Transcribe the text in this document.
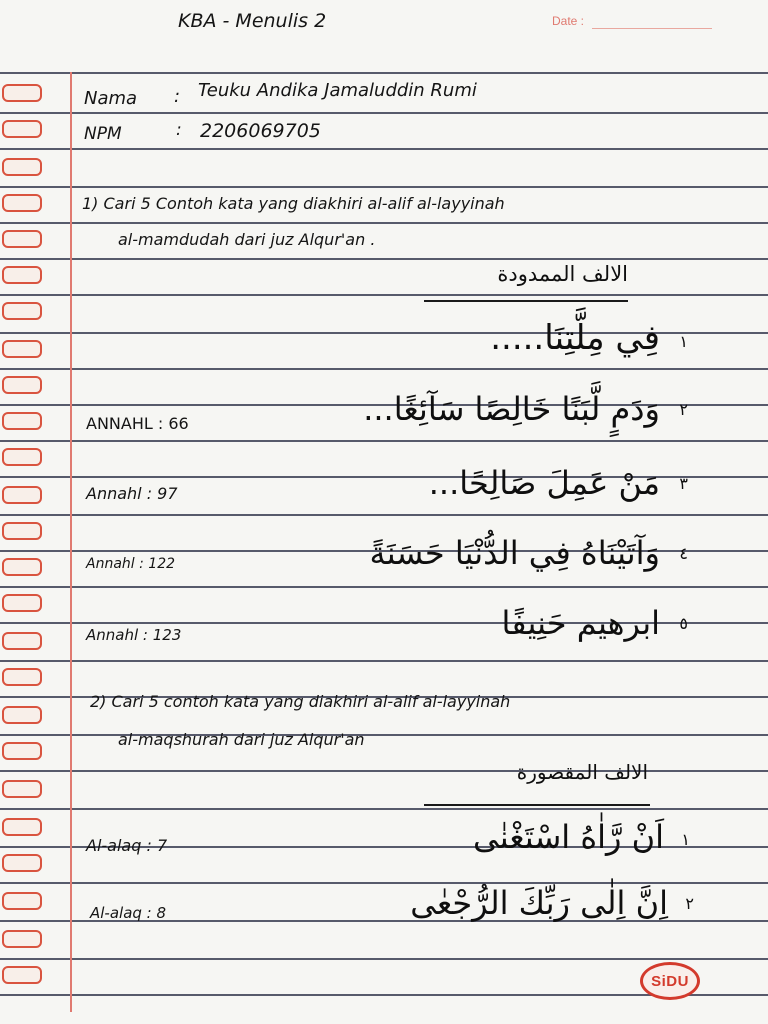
KBA - Menulis 2	Date :
Nama : Teuku Andika Jamaluddin Rumi
NPM	: 2206069705
1) Cari 5 Contoh kata yang diakhiri al-alif al-layyinah
al-mamdudah dari juz Alqur'an .
الالف الممدودة
١
فِي مِلَّتِنَا.....
ANNAHL : 66
٢
وَدَمٍ لَّبَنًا خَالِصًا سَآئِغًا...
Annahl : 97
٣
مَنْ عَمِلَ صَالِحًا...
Annahl : 122
٤
وَآتَيْنَاهُ فِي الدُّنْيَا حَسَنَةً
Annahl : 123
٥
ابرهيم حَنِيفًا
2) Cari 5 contoh kata yang diakhiri al-alif al-layyinah
al-maqshurah dari juz Alqur'an
الالف المقصورة
Al-alaq : 7	١
اَنْ رَّاٰهُ اسْتَغْنٰى
Al-alaq : 8	٢
اِنَّ اِلٰى رَبِّكَ الرُّجْعٰى
SiDU
